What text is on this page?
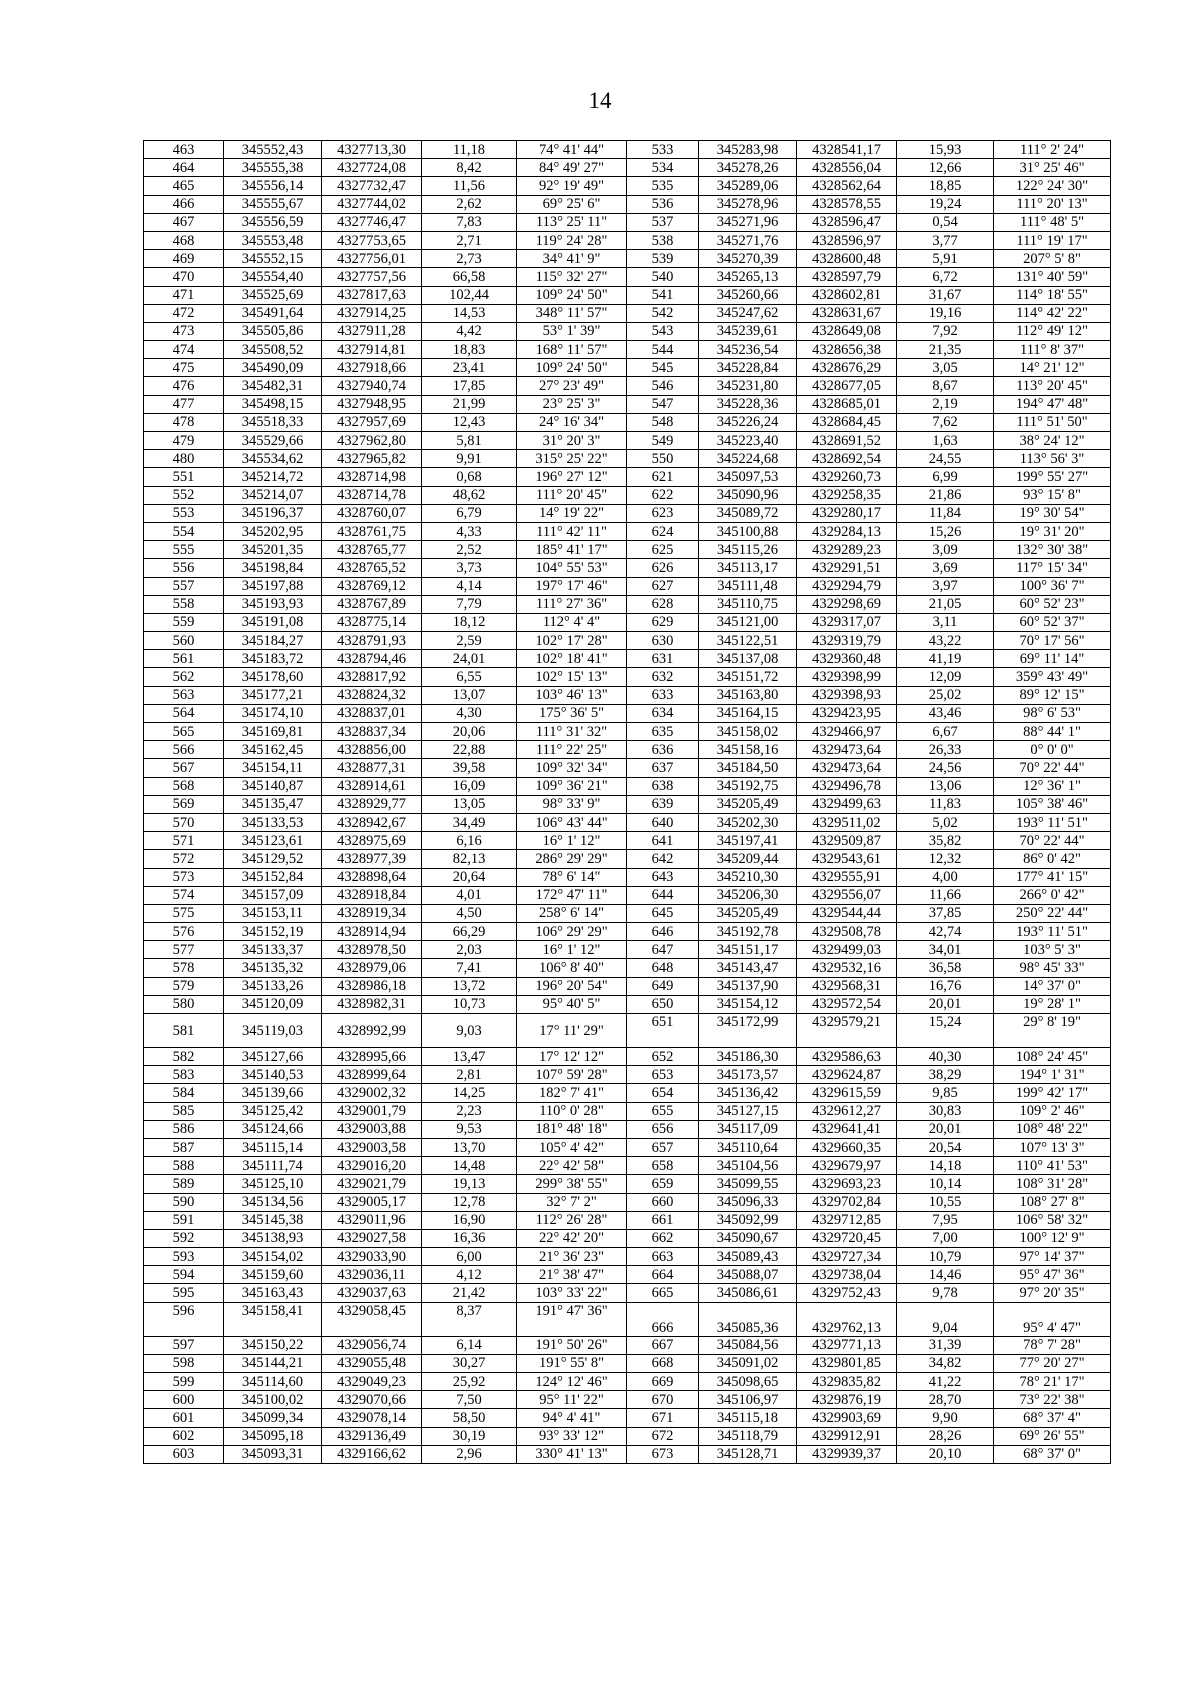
14
463	345552,43	4327713,30	11,18	74° 41' 44"	533	345283,98	4328541,17	15,93	111° 2' 24"
464	345555,38	4327724,08	8,42	84° 49' 27"	534	345278,26	4328556,04	12,66	31° 25' 46"
465	345556,14	4327732,47	11,56	92° 19' 49"	535	345289,06	4328562,64	18,85	122° 24' 30"
466	345555,67	4327744,02	2,62	69° 25' 6"	536	345278,96	4328578,55	19,24	111° 20' 13"
467	345556,59	4327746,47	7,83	113° 25' 11"	537	345271,96	4328596,47	0,54	111° 48' 5"
468	345553,48	4327753,65	2,71	119° 24' 28"	538	345271,76	4328596,97	3,77	111° 19' 17"
469	345552,15	4327756,01	2,73	34° 41' 9"	539	345270,39	4328600,48	5,91	207° 5' 8"
470	345554,40	4327757,56	66,58	115° 32' 27"	540	345265,13	4328597,79	6,72	131° 40' 59"
471	345525,69	4327817,63	102,44	109° 24' 50"	541	345260,66	4328602,81	31,67	114° 18' 55"
472	345491,64	4327914,25	14,53	348° 11' 57"	542	345247,62	4328631,67	19,16	114° 42' 22"
473	345505,86	4327911,28	4,42	53° 1' 39"	543	345239,61	4328649,08	7,92	112° 49' 12"
474	345508,52	4327914,81	18,83	168° 11' 57"	544	345236,54	4328656,38	21,35	111° 8' 37"
475	345490,09	4327918,66	23,41	109° 24' 50"	545	345228,84	4328676,29	3,05	14° 21' 12"
476	345482,31	4327940,74	17,85	27° 23' 49"	546	345231,80	4328677,05	8,67	113° 20' 45"
477	345498,15	4327948,95	21,99	23° 25' 3"	547	345228,36	4328685,01	2,19	194° 47' 48"
478	345518,33	4327957,69	12,43	24° 16' 34"	548	345226,24	4328684,45	7,62	111° 51' 50"
479	345529,66	4327962,80	5,81	31° 20' 3"	549	345223,40	4328691,52	1,63	38° 24' 12"
480	345534,62	4327965,82	9,91	315° 25' 22"	550	345224,68	4328692,54	24,55	113° 56' 3"
551	345214,72	4328714,98	0,68	196° 27' 12"	621	345097,53	4329260,73	6,99	199° 55' 27"
552	345214,07	4328714,78	48,62	111° 20' 45"	622	345090,96	4329258,35	21,86	93° 15' 8"
553	345196,37	4328760,07	6,79	14° 19' 22"	623	345089,72	4329280,17	11,84	19° 30' 54"
554	345202,95	4328761,75	4,33	111° 42' 11"	624	345100,88	4329284,13	15,26	19° 31' 20"
555	345201,35	4328765,77	2,52	185° 41' 17"	625	345115,26	4329289,23	3,09	132° 30' 38"
556	345198,84	4328765,52	3,73	104° 55' 53"	626	345113,17	4329291,51	3,69	117° 15' 34"
557	345197,88	4328769,12	4,14	197° 17' 46"	627	345111,48	4329294,79	3,97	100° 36' 7"
558	345193,93	4328767,89	7,79	111° 27' 36"	628	345110,75	4329298,69	21,05	60° 52' 23"
559	345191,08	4328775,14	18,12	112° 4' 4"	629	345121,00	4329317,07	3,11	60° 52' 37"
560	345184,27	4328791,93	2,59	102° 17' 28"	630	345122,51	4329319,79	43,22	70° 17' 56"
561	345183,72	4328794,46	24,01	102° 18' 41"	631	345137,08	4329360,48	41,19	69° 11' 14"
562	345178,60	4328817,92	6,55	102° 15' 13"	632	345151,72	4329398,99	12,09	359° 43' 49"
563	345177,21	4328824,32	13,07	103° 46' 13"	633	345163,80	4329398,93	25,02	89° 12' 15"
564	345174,10	4328837,01	4,30	175° 36' 5"	634	345164,15	4329423,95	43,46	98° 6' 53"
565	345169,81	4328837,34	20,06	111° 31' 32"	635	345158,02	4329466,97	6,67	88° 44' 1"
566	345162,45	4328856,00	22,88	111° 22' 25"	636	345158,16	4329473,64	26,33	0° 0' 0"
567	345154,11	4328877,31	39,58	109° 32' 34"	637	345184,50	4329473,64	24,56	70° 22' 44"
568	345140,87	4328914,61	16,09	109° 36' 21"	638	345192,75	4329496,78	13,06	12° 36' 1"
569	345135,47	4328929,77	13,05	98° 33' 9"	639	345205,49	4329499,63	11,83	105° 38' 46"
570	345133,53	4328942,67	34,49	106° 43' 44"	640	345202,30	4329511,02	5,02	193° 11' 51"
571	345123,61	4328975,69	6,16	16° 1' 12"	641	345197,41	4329509,87	35,82	70° 22' 44"
572	345129,52	4328977,39	82,13	286° 29' 29"	642	345209,44	4329543,61	12,32	86° 0' 42"
573	345152,84	4328898,64	20,64	78° 6' 14"	643	345210,30	4329555,91	4,00	177° 41' 15"
574	345157,09	4328918,84	4,01	172° 47' 11"	644	345206,30	4329556,07	11,66	266° 0' 42"
575	345153,11	4328919,34	4,50	258° 6' 14"	645	345205,49	4329544,44	37,85	250° 22' 44"
576	345152,19	4328914,94	66,29	106° 29' 29"	646	345192,78	4329508,78	42,74	193° 11' 51"
577	345133,37	4328978,50	2,03	16° 1' 12"	647	345151,17	4329499,03	34,01	103° 5' 3"
578	345135,32	4328979,06	7,41	106° 8' 40"	648	345143,47	4329532,16	36,58	98° 45' 33"
579	345133,26	4328986,18	13,72	196° 20' 54"	649	345137,90	4329568,31	16,76	14° 37' 0"
580	345120,09	4328982,31	10,73	95° 40' 5"	650	345154,12	4329572,54	20,01	19° 28' 1"
581	345119,03	4328992,99	9,03	17° 11' 29"	651	345172,99	4329579,21	15,24	29° 8' 19"
582	345127,66	4328995,66	13,47	17° 12' 12"	652	345186,30	4329586,63	40,30	108° 24' 45"
583	345140,53	4328999,64	2,81	107° 59' 28"	653	345173,57	4329624,87	38,29	194° 1' 31"
584	345139,66	4329002,32	14,25	182° 7' 41"	654	345136,42	4329615,59	9,85	199° 42' 17"
585	345125,42	4329001,79	2,23	110° 0' 28"	655	345127,15	4329612,27	30,83	109° 2' 46"
586	345124,66	4329003,88	9,53	181° 48' 18"	656	345117,09	4329641,41	20,01	108° 48' 22"
587	345115,14	4329003,58	13,70	105° 4' 42"	657	345110,64	4329660,35	20,54	107° 13' 3"
588	345111,74	4329016,20	14,48	22° 42' 58"	658	345104,56	4329679,97	14,18	110° 41' 53"
589	345125,10	4329021,79	19,13	299° 38' 55"	659	345099,55	4329693,23	10,14	108° 31' 28"
590	345134,56	4329005,17	12,78	32° 7' 2"	660	345096,33	4329702,84	10,55	108° 27' 8"
591	345145,38	4329011,96	16,90	112° 26' 28"	661	345092,99	4329712,85	7,95	106° 58' 32"
592	345138,93	4329027,58	16,36	22° 42' 20"	662	345090,67	4329720,45	7,00	100° 12' 9"
593	345154,02	4329033,90	6,00	21° 36' 23"	663	345089,43	4329727,34	10,79	97° 14' 37"
594	345159,60	4329036,11	4,12	21° 38' 47"	664	345088,07	4329738,04	14,46	95° 47' 36"
595	345163,43	4329037,63	21,42	103° 33' 22"	665	345086,61	4329752,43	9,78	97° 20' 35"
596	345158,41	4329058,45	8,37	191° 47' 36"	666	345085,36	4329762,13	9,04	95° 4' 47"
597	345150,22	4329056,74	6,14	191° 50' 26"	667	345084,56	4329771,13	31,39	78° 7' 28"
598	345144,21	4329055,48	30,27	191° 55' 8"	668	345091,02	4329801,85	34,82	77° 20' 27"
599	345114,60	4329049,23	25,92	124° 12' 46"	669	345098,65	4329835,82	41,22	78° 21' 17"
600	345100,02	4329070,66	7,50	95° 11' 22"	670	345106,97	4329876,19	28,70	73° 22' 38"
601	345099,34	4329078,14	58,50	94° 4' 41"	671	345115,18	4329903,69	9,90	68° 37' 4"
602	345095,18	4329136,49	30,19	93° 33' 12"	672	345118,79	4329912,91	28,26	69° 26' 55"
603	345093,31	4329166,62	2,96	330° 41' 13"	673	345128,71	4329939,37	20,10	68° 37' 0"
